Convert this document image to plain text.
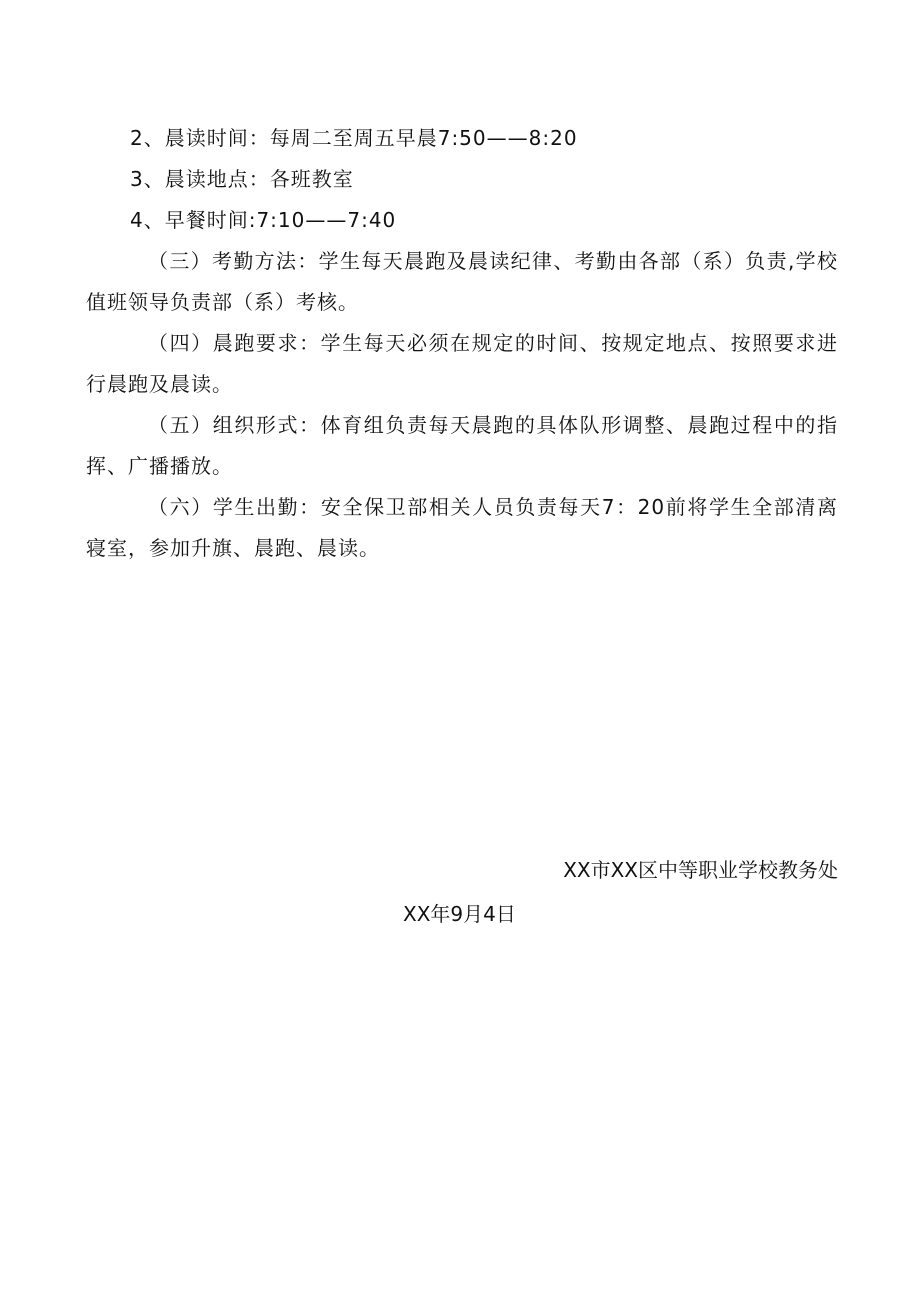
2、晨读时间：每周二至周五早晨7:50——8:20
3、晨读地点：各班教室
4、早餐时间:7:10——7:40
（三）考勤方法：学生每天晨跑及晨读纪律、考勤由各部（系）负责,学校值班领导负责部（系）考核。
（四）晨跑要求：学生每天必须在规定的时间、按规定地点、按照要求进行晨跑及晨读。
（五）组织形式：体育组负责每天晨跑的具体队形调整、晨跑过程中的指挥、广播播放。
（六）学生出勤：安全保卫部相关人员负责每天7：20前将学生全部清离寝室，参加升旗、晨跑、晨读。
XX市XX区中等职业学校教务处
XX年9月4日
